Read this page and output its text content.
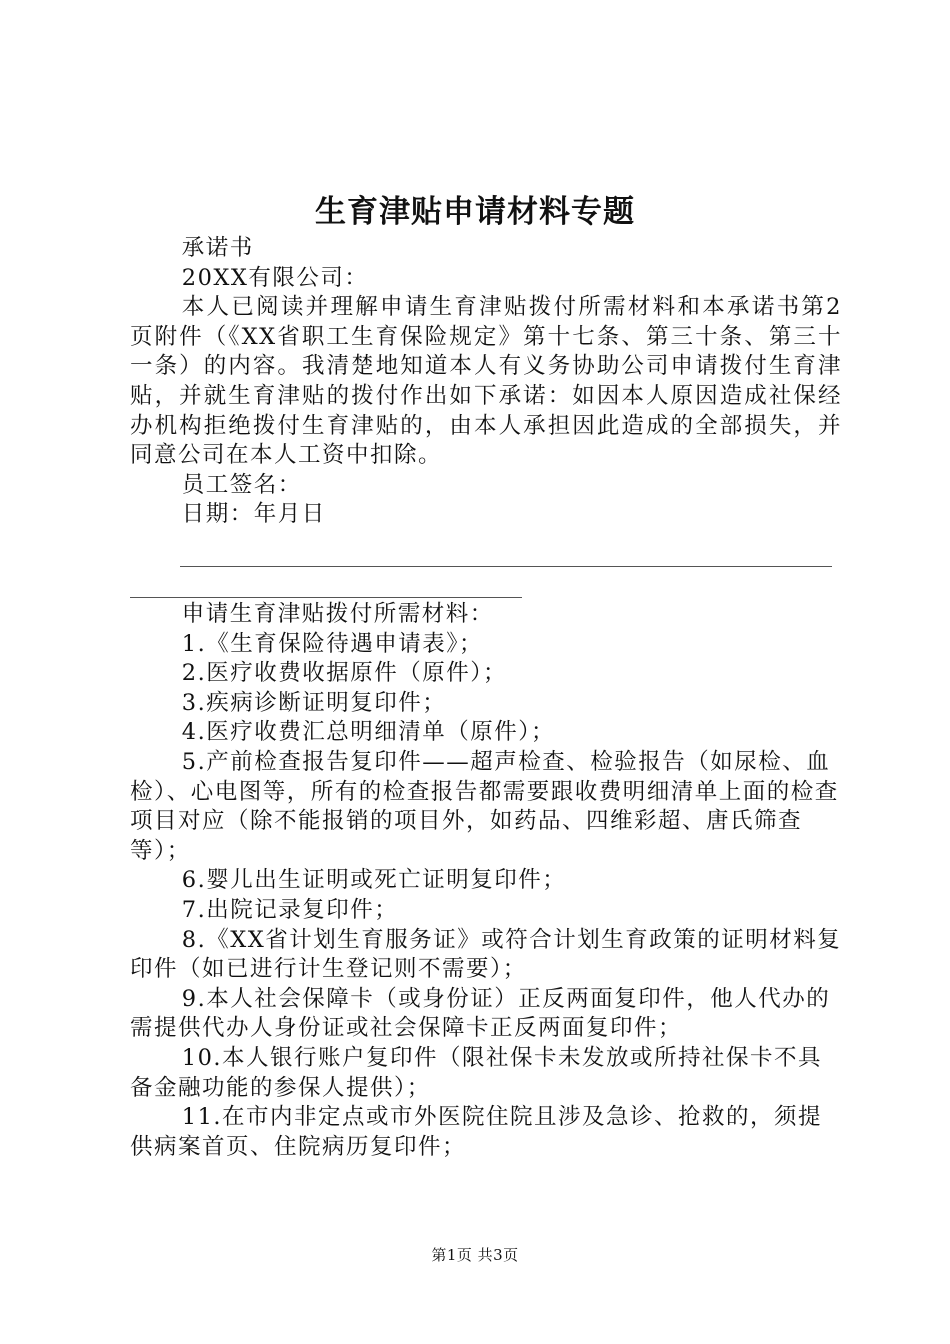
生育津贴申请材料专题

承诺书

20XX有限公司：

本人已阅读并理解申请生育津贴拨付所需材料和本承诺书第2页附件（《XX省职工生育保险规定》第十七条、第三十条、第三十一条）的内容。我清楚地知道本人有义务协助公司申请拨付生育津贴，并就生育津贴的拨付作出如下承诺：如因本人原因造成社保经办机构拒绝拨付生育津贴的，由本人承担因此造成的全部损失，并同意公司在本人工资中扣除。

员工签名：

日期：年月日

申请生育津贴拨付所需材料：

1.《生育保险待遇申请表》；

2.医疗收费收据原件（原件）；

3.疾病诊断证明复印件；

4.医疗收费汇总明细清单（原件）；

5.产前检查报告复印件——超声检查、检验报告（如尿检、血检）、心电图等，所有的检查报告都需要跟收费明细清单上面的检查项目对应（除不能报销的项目外，如药品、四维彩超、唐氏筛查等）；

6.婴儿出生证明或死亡证明复印件；

7.出院记录复印件；

8.《XX省计划生育服务证》或符合计划生育政策的证明材料复印件（如已进行计生登记则不需要）；

9.本人社会保障卡（或身份证）正反两面复印件，他人代办的需提供代办人身份证或社会保障卡正反两面复印件；

10.本人银行账户复印件（限社保卡未发放或所持社保卡不具备金融功能的参保人提供）；

11.在市内非定点或市外医院住院且涉及急诊、抢救的，须提供病案首页、住院病历复印件；

第1页 共3页
